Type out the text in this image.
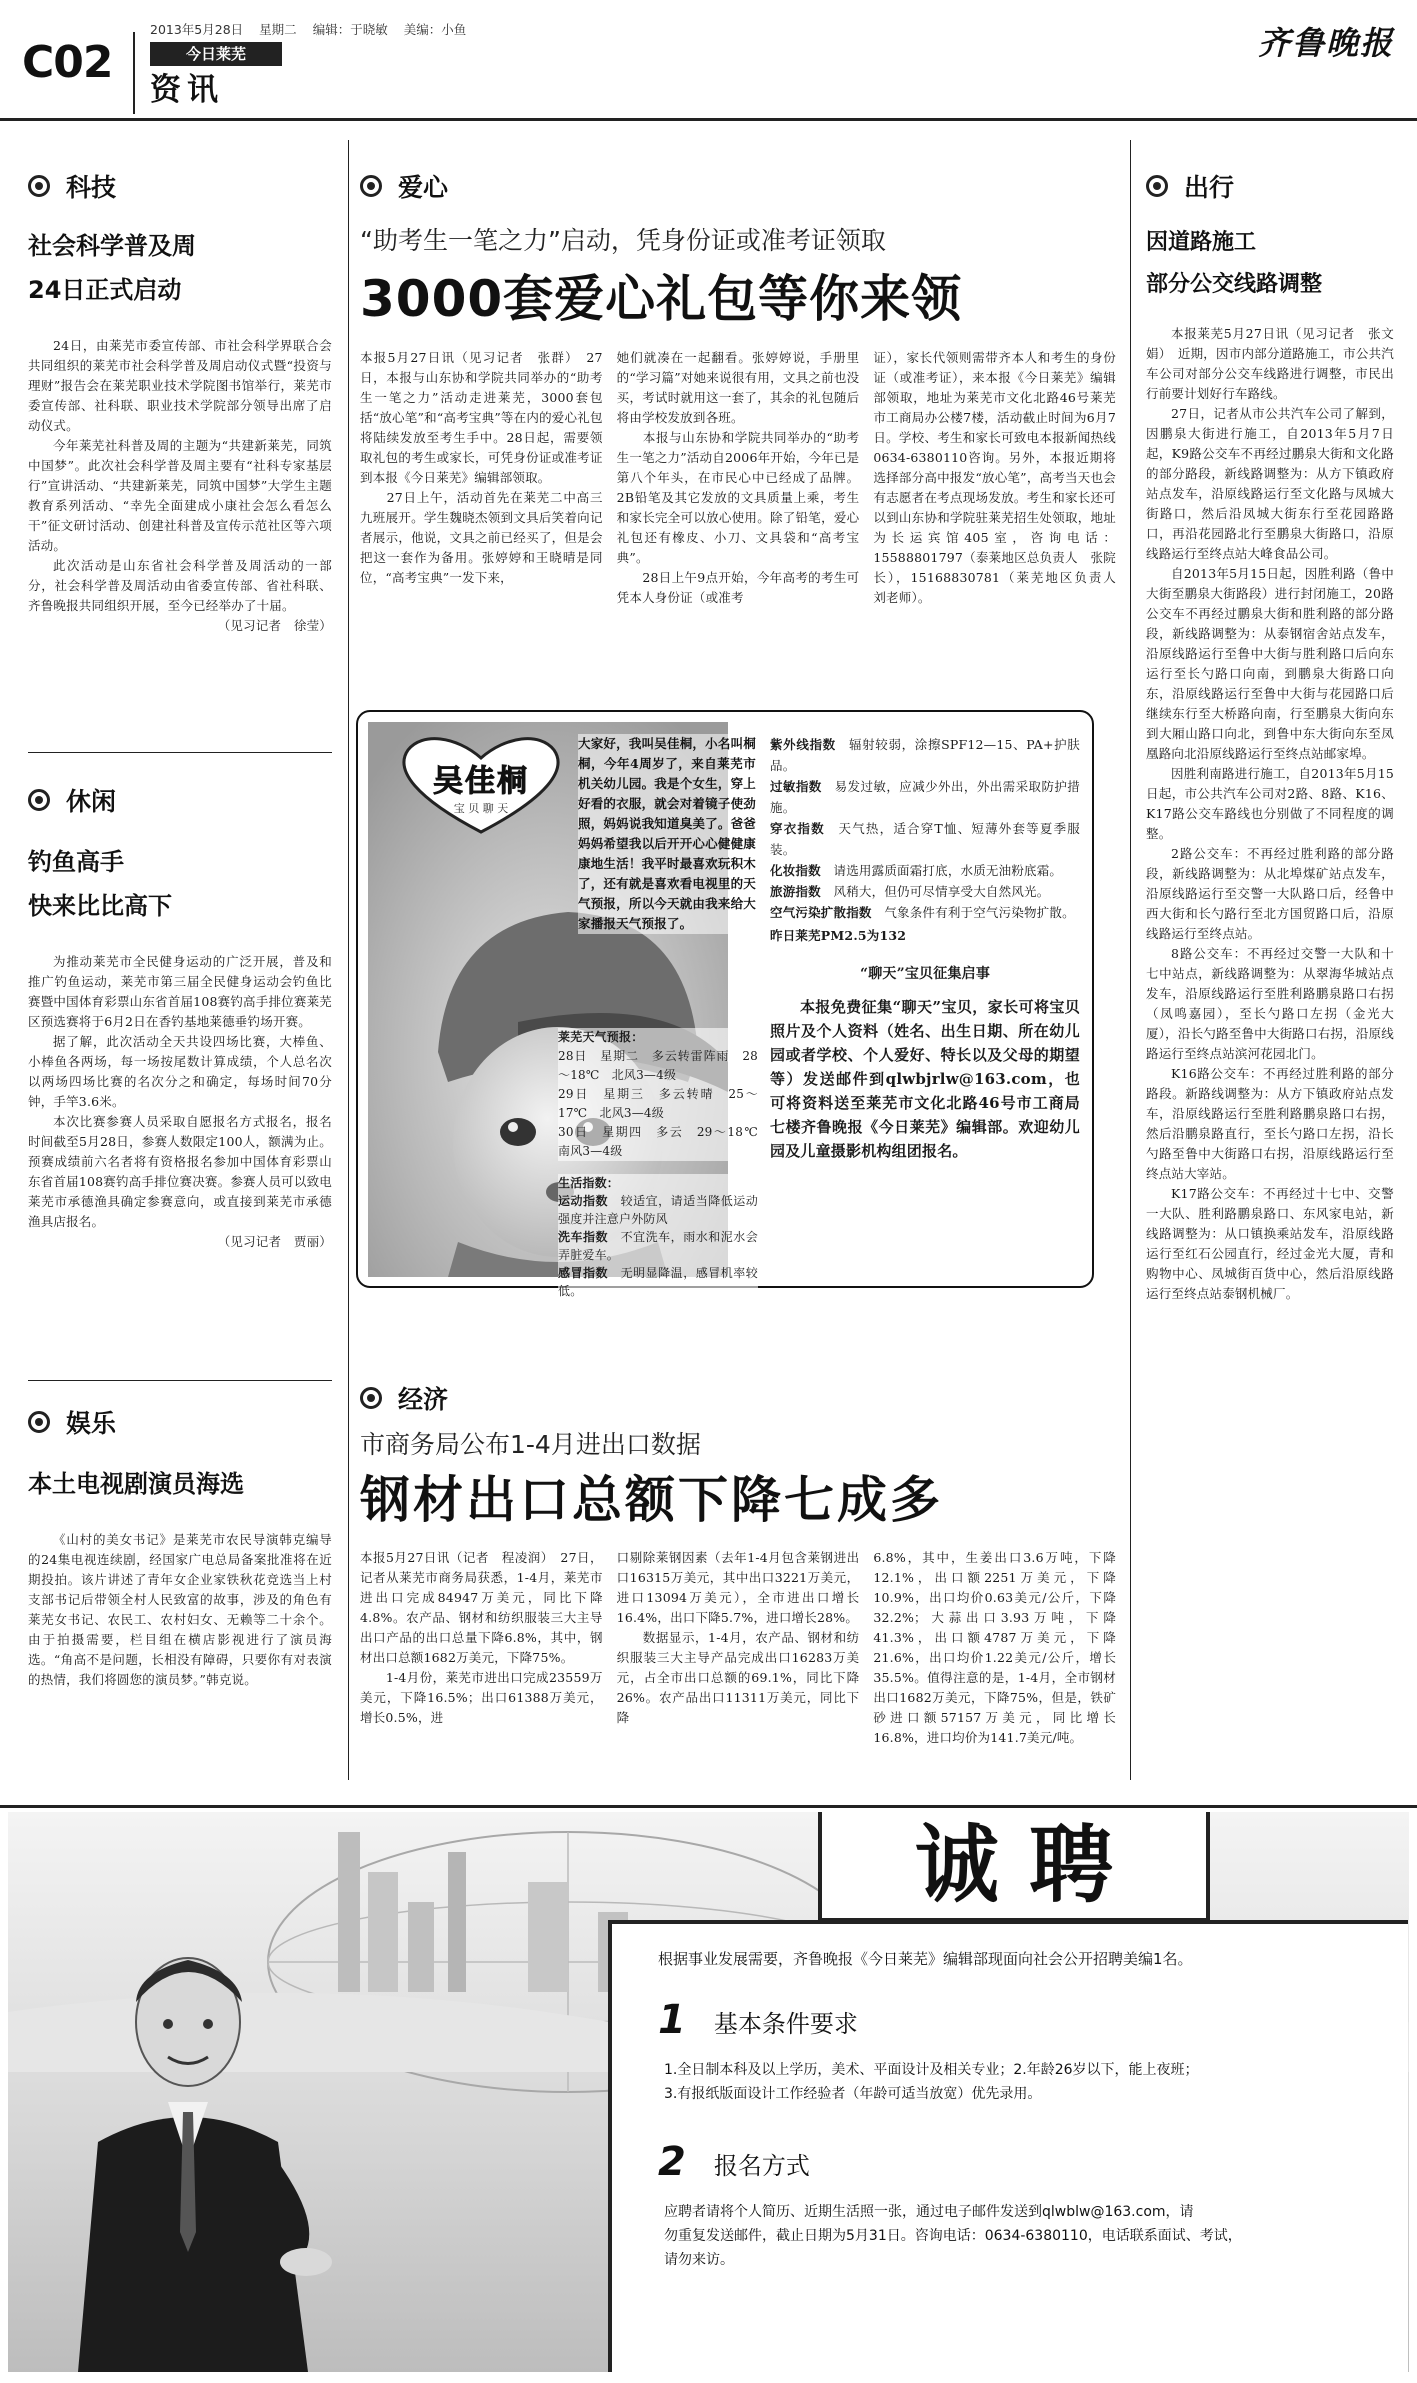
C02
2013年5月28日 星期二 编辑：于晓敏 美编：小鱼
今日莱芜
资讯
齐鲁晚报
科技
社会科学普及周
24日正式启动

24日，由莱芜市委宣传部、市社会科学界联合会共同组织的莱芜市社会科学普及周启动仪式暨“投资与理财”报告会在莱芜职业技术学院图书馆举行，莱芜市委宣传部、社科联、职业技术学院部分领导出席了启动仪式。

今年莱芜社科普及周的主题为“共建新莱芜，同筑中国梦”。此次社会科学普及周主要有“社科专家基层行”宣讲活动、“共建新莱芜，同筑中国梦”大学生主题教育系列活动、“幸先全面建成小康社会怎么看怎么干”征文研讨活动、创建社科普及宣传示范社区等六项活动。

此次活动是山东省社会科学普及周活动的一部分，社会科学普及周活动由省委宣传部、省社科联、齐鲁晚报共同组织开展，至今已经举办了十届。

（见习记者　徐莹）

休闲
钓鱼高手
快来比比高下

为推动莱芜市全民健身运动的广泛开展，普及和推广钓鱼运动，莱芜市第三届全民健身运动会钓鱼比赛暨中国体育彩票山东省首届108赛钓高手排位赛莱芜区预选赛将于6月2日在香钓基地莱德垂钓场开赛。

据了解，此次活动全天共设四场比赛，大棒鱼、小棒鱼各两场，每一场按尾数计算成绩，个人总名次以两场四场比赛的名次分之和确定，每场时间70分钟，手竿3.6米。

本次比赛参赛人员采取自愿报名方式报名，报名时间截至5月28日，参赛人数限定100人，额满为止。预赛成绩前六名者将有资格报名参加中国体育彩票山东省首届108赛钓高手排位赛决赛。参赛人员可以致电莱芜市承德渔具确定参赛意向，或直接到莱芜市承德渔具店报名。

（见习记者　贾丽）

娱乐
本土电视剧演员海选

《山村的美女书记》是莱芜市农民导演韩克编导的24集电视连续剧，经国家广电总局备案批准将在近期投拍。该片讲述了青年女企业家铁秋花竞选当上村支部书记后带领全村人民致富的故事，涉及的角色有莱芜女书记、农民工、农村妇女、无赖等二十余个。由于拍摄需要，栏目组在横店影视进行了演员海选。“角高不是问题，长相没有障碍，只要你有对表演的热情，我们将圆您的演员梦。”韩克说。

爱心
“助考生一笔之力”启动，凭身份证或准考证领取
3000套爱心礼包等你来领

本报5月27日讯（见习记者　张群）　27日，本报与山东协和学院共同举办的“助考生一笔之力”活动走进莱芜，3000套包括“放心笔”和“高考宝典”等在内的爱心礼包将陆续发放至考生手中。28日起，需要领取礼包的考生或家长，可凭身份证或准考证到本报《今日莱芜》编辑部领取。
　　27日上午，活动首先在莱芜二中高三九班展开。学生魏晓杰领到文具后笑着向记者展示，他说，文具之前已经买了，但是会把这一套作为备用。张婷婷和王晓晴是同位，“高考宝典”一发下来，

她们就凑在一起翻看。张婷婷说，手册里的“学习篇”对她来说很有用，文具之前也没买，考试时就用这一套了，其余的礼包随后将由学校发放到各班。
　　本报与山东协和学院共同举办的“助考生一笔之力”活动自2006年开始，今年已是第八个年头，在市民心中已经成了品牌。2B铅笔及其它发放的文具质量上乘，考生和家长完全可以放心使用。除了铅笔，爱心礼包还有橡皮、小刀、文具袋和“高考宝典”。
　　28日上午9点开始，今年高考的考生可凭本人身份证（或准考

证），家长代领则需带齐本人和考生的身份证（或准考证），来本报《今日莱芜》编辑部领取，地址为莱芜市文化北路46号莱芜市工商局办公楼7楼，活动截止时间为6月7日。学校、考生和家长可致电本报新闻热线0634-6380110咨询。另外，本报近期将选择部分高中报发“放心笔”，高考当天也会有志愿者在考点现场发放。考生和家长还可以到山东协和学院驻莱芜招生处领取，地址为长运宾馆405室，咨询电话：15588801797（泰莱地区总负责人　张院长），15168830781（莱芜地区负责人　刘老师）。

吴佳桐
宝 贝 聊 天
大家好，我叫吴佳桐，小名叫桐桐，今年4周岁了，来自莱芜市机关幼儿园。我是个女生，穿上好看的衣服，就会对着镜子使劲照，妈妈说我知道臭美了。爸爸妈妈希望我以后开开心心健健康康地生活！我平时最喜欢玩积木了，还有就是喜欢看电视里的天气预报，所以今天就由我来给大家播报天气预报了。
莱芜天气预报：
28日　星期二　多云转雷阵雨　28～18℃　北风3—4级
29日　星期三　多云转晴　25～17℃　北风3—4级
30日　星期四　多云　29～18℃　南风3—4级
生活指数：
运动指数　 较适宜，请适当降低运动强度并注意户外防风
洗车指数　 不宜洗车，雨水和泥水会弄脏爱车。
感冒指数　 无明显降温，感冒机率较低。
紫外线指数　 辐射较弱，涂擦SPF12—15、PA+护肤品。
过敏指数　 易发过敏，应减少外出，外出需采取防护措施。
穿衣指数　 天气热，适合穿T恤、短薄外套等夏季服装。
化妆指数　 请选用露质面霜打底，水质无油粉底霜。
旅游指数　 风稍大，但仍可尽情享受大自然风光。
空气污染扩散指数　 气象条件有利于空气污染物扩散。
昨日莱芜PM2.5为132
“聊天”宝贝征集启事
本报免费征集“聊天”宝贝，家长可将宝贝照片及个人资料（姓名、出生日期、所在幼儿园或者学校、个人爱好、特长以及父母的期望等）发送邮件到qlwbjrlw@163.com，也可将资料送至莱芜市文化北路46号市工商局七楼齐鲁晚报《今日莱芜》编辑部。欢迎幼儿园及儿童摄影机构组团报名。
经济
市商务局公布1-4月进出口数据
钢材出口总额下降七成多

本报5月27日讯（记者　程凌润）　27日，记者从莱芜市商务局获悉，1-4月，莱芜市进出口完成84947万美元，同比下降4.8%。农产品、钢材和纺织服装三大主导出口产品的出口总量下降6.8%，其中，钢材出口总额1682万美元，下降75%。
　　1-4月份，莱芜市进出口完成23559万美元，下降16.5%；出口61388万美元，增长0.5%，进

口剔除莱钢因素（去年1-4月包含莱钢进出口16315万美元，其中出口3221万美元，进口13094万美元），全市进出口增长16.4%，出口下降5.7%，进口增长28%。
　　数据显示，1-4月，农产品、钢材和纺织服装三大主导产品完成出口16283万美元，占全市出口总额的69.1%，同比下降26%。农产品出口11311万美元，同比下降

6.8%，其中，生姜出口3.6万吨，下降12.1%，出口额2251万美元，下降10.9%，出口均价0.63美元/公斤，下降32.2%；大蒜出口3.93万吨，下降41.3%，出口额4787万美元，下降21.6%，出口均价1.22美元/公斤，增长35.5%。值得注意的是，1-4月，全市钢材出口1682万美元，下降75%，但是，铁矿砂进口额57157万美元，同比增长16.8%，进口均价为141.7美元/吨。

出行
因道路施工
部分公交线路调整

本报莱芜5月27日讯（见习记者　张文娟）　近期，因市内部分道路施工，市公共汽车公司对部分公交车线路进行调整，市民出行前要计划好行车路线。

27日，记者从市公共汽车公司了解到，因鹏泉大街进行施工，自2013年5月7日起，K9路公交车不再经过鹏泉大街和文化路的部分路段，新线路调整为：从方下镇政府站点发车，沿原线路运行至文化路与凤城大街路口，然后沿凤城大街东行至花园路路口，再沿花园路北行至鹏泉大街路口，沿原线路运行至终点站大峰食品公司。

自2013年5月15日起，因胜利路（鲁中大街至鹏泉大街路段）进行封闭施工，20路公交车不再经过鹏泉大街和胜利路的部分路段，新线路调整为：从泰钢宿舍站点发车，沿原线路运行至鲁中大街与胜利路口后向东运行至长勺路口向南，到鹏泉大街路口向东，沿原线路运行至鲁中大街与花园路口后继续东行至大桥路向南，行至鹏泉大街向东到大厢山路口向北，到鲁中东大街向东至凤凰路向北沿原线路运行至终点站邮家埠。

因胜利南路进行施工，自2013年5月15日起，市公共汽车公司对2路、8路、K16、K17路公交车路线也分别做了不同程度的调整。

2路公交车：不再经过胜利路的部分路段，新线路调整为：从北埠煤矿站点发车，沿原线路运行至交警一大队路口后，经鲁中西大街和长勺路行至北方国贸路口后，沿原线路运行至终点站。

8路公交车：不再经过交警一大队和十七中站点，新线路调整为：从翠海华城站点发车，沿原线路运行至胜利路鹏泉路口右拐（凤鸣嘉园），至长勺路口左拐（金光大厦），沿长勺路至鲁中大街路口右拐，沿原线路运行至终点站滨河花园北门。

K16路公交车：不再经过胜利路的部分路段。新路线调整为：从方下镇政府站点发车，沿原线路运行至胜利路鹏泉路口右拐，然后沿鹏泉路直行，至长勺路口左拐，沿长勺路至鲁中大街路口右拐，沿原线路运行至终点站大宰站。

K17路公交车：不再经过十七中、交警一大队、胜利路鹏泉路口、东风家电站，新线路调整为：从口镇换乘站发车，沿原线路运行至红石公园直行，经过金光大厦，青和购物中心、凤城街百货中心，然后沿原线路运行至终点站泰钢机械厂。

诚 聘
根据事业发展需要，齐鲁晚报《今日莱芜》编辑部现面向社会公开招聘美编1名。
1 基本条件要求
1.全日制本科及以上学历，美术、平面设计及相关专业；2.年龄26岁以下，能上夜班；
3.有报纸版面设计工作经验者（年龄可适当放宽）优先录用。
2 报名方式
应聘者请将个人简历、近期生活照一张，通过电子邮件发送到qlwblw@163.com，请
勿重复发送邮件，截止日期为5月31日。咨询电话：0634-6380110，电话联系面试、考试，
请勿来访。
